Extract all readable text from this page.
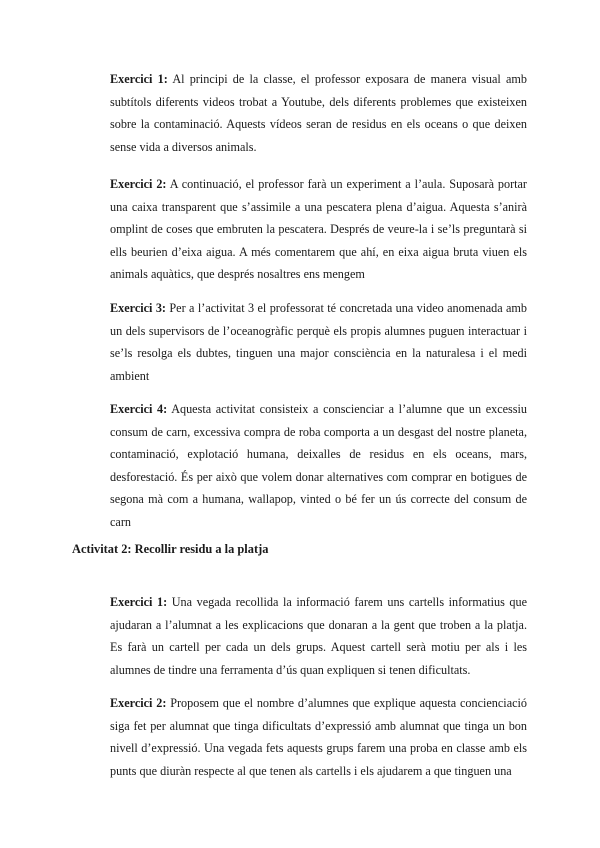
Exercici 1: Al principi de la classe, el professor exposara de manera visual amb subtítols diferents videos trobat a Youtube, dels diferents problemes que existeixen sobre la contaminació. Aquests vídeos seran de residus en els oceans o que deixen sense vida a diversos animals.

Exercici 2: A continuació, el professor farà un experiment a l’aula. Suposarà portar una caixa transparent que s’assimile a una pescatera plena d’aigua. Aquesta s’anirà omplint de coses que embruten la pescatera. Després de veure-la i se’ls preguntarà si ells beurien d’eixa aigua. A més comentarem que ahí, en eixa aigua bruta viuen els animals aquàtics, que després nosaltres ens mengem

Exercici 3: Per a l’activitat 3 el professorat té concretada una video anomenada amb un dels supervisors de l’oceanogràfic perquè els propis alumnes puguen interactuar i se’ls resolga els dubtes, tinguen una major consciència en la naturalesa i el medi ambient

Exercici 4: Aquesta activitat consisteix a conscienciar a l’alumne que un excessiu consum de carn, excessiva compra de roba comporta a un desgast del nostre planeta, contaminació, explotació humana, deixalles de residus en els oceans, mars, desforestació. És per això que volem donar alternatives com comprar en botigues de segona mà com a humana, wallapop, vinted o bé fer un ús correcte del consum de carn

Activitat 2: Recollir residu a la platja

Exercici 1: Una vegada recollida la informació farem uns cartells informatius que ajudaran a l’alumnat a les explicacions que donaran a la gent que troben a la platja. Es farà un cartell per cada un dels grups. Aquest cartell serà motiu per als i les alumnes de tindre una ferramenta d’ús quan expliquen si tenen dificultats.

Exercici 2: Proposem que el nombre d’alumnes que explique aquesta concienciació siga fet per alumnat que tinga dificultats d’expressió amb alumnat que tinga un bon nivell d’expressió. Una vegada fets aquests grups farem una proba en classe amb els punts que diuràn respecte al que tenen als cartells i els ajudarem a que tinguen una
